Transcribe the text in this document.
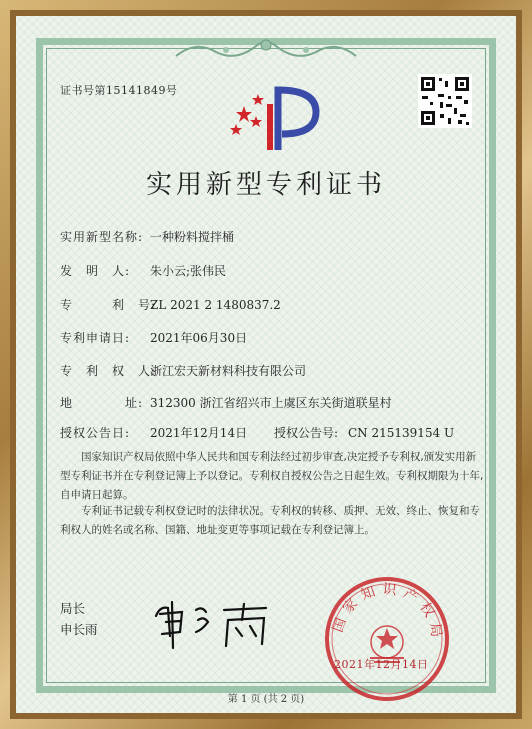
证书号第15141849号
实用新型专利证书
实用新型名称: 一种粉料搅拌桶
发　明　人: 朱小云;张伟民
专　　　利　号:ZL 2021 2 1480837.2
专利申请日: 2021年06月30日
专　利　权　人:浙江宏天新材料科技有限公司
地　　　　址: 312300 浙江省绍兴市上虞区东关街道联星村
授权公告日: 2021年12月14日 授权公告号: CN 215139154 U
国家知识产权局依照中华人民共和国专利法经过初步审查,决定授予专利权,颁发实用新型专利证书并在专利登记簿上予以登记。专利权自授权公告之日起生效。专利权期限为十年,自申请日起算。
专利证书记载专利权登记时的法律状况。专利权的转移、质押、无效、终止、恢复和专利权人的姓名或名称、国籍、地址变更等事项记载在专利登记簿上。
局长
申长雨	国家知识产权局
2021年12月14日
第 1 页 (共 2 页)
